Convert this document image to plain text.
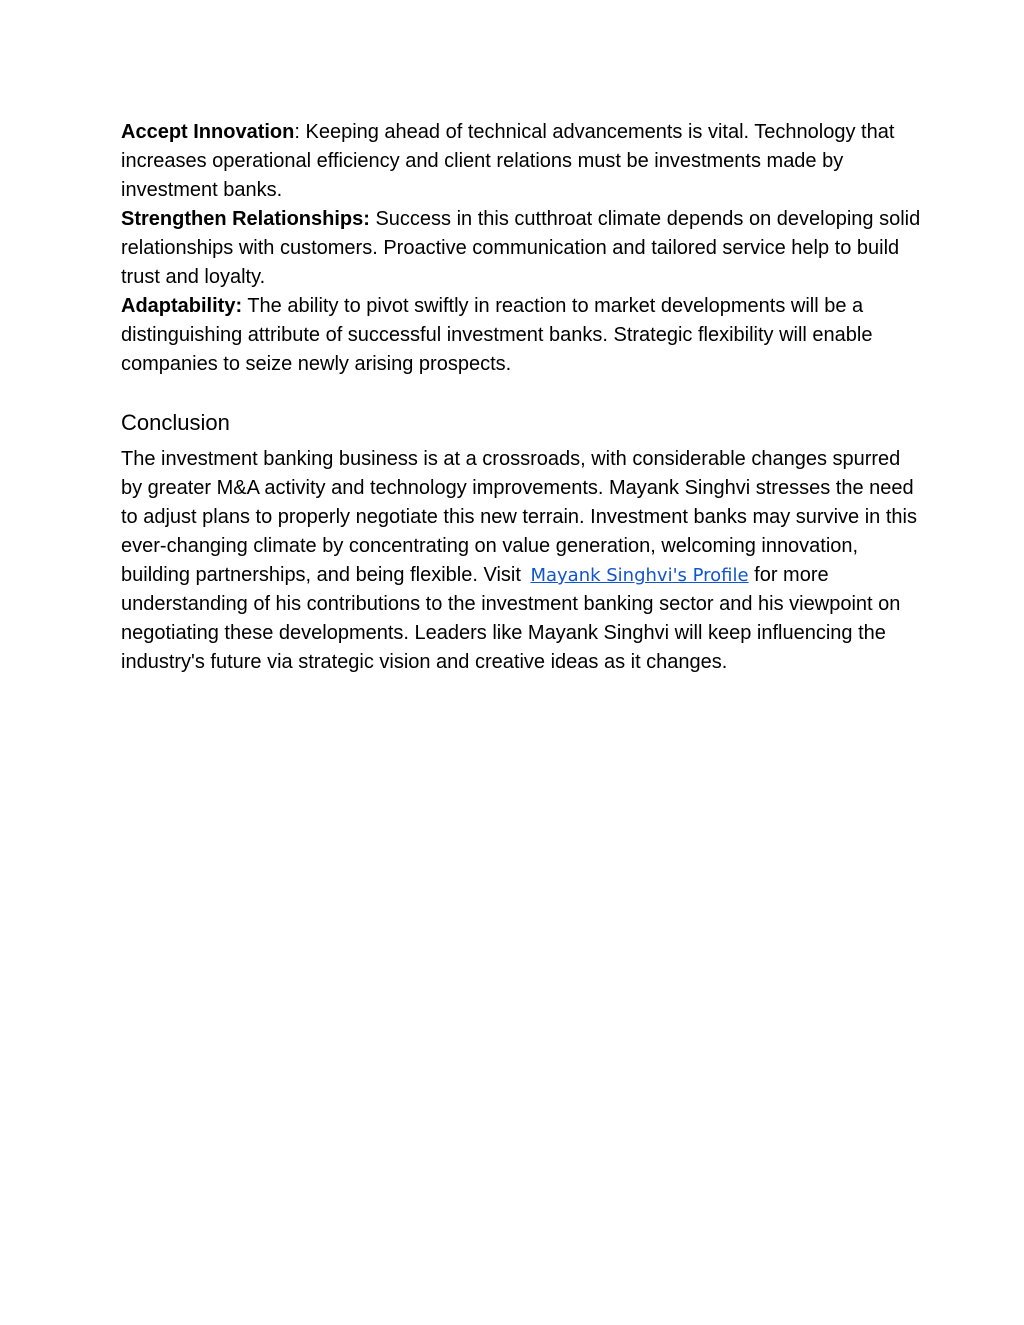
Accept Innovation: Keeping ahead of technical advancements is vital. Technology that increases operational efficiency and client relations must be investments made by investment banks.

Strengthen Relationships: Success in this cutthroat climate depends on developing solid relationships with customers. Proactive communication and tailored service help to build trust and loyalty.

Adaptability: The ability to pivot swiftly in reaction to market developments will be a distinguishing attribute of successful investment banks. Strategic flexibility will enable companies to seize newly arising prospects.

Conclusion

The investment banking business is at a crossroads, with considerable changes spurred by greater M&A activity and technology improvements. Mayank Singhvi stresses the need to adjust plans to properly negotiate this new terrain. Investment banks may survive in this ever-changing climate by concentrating on value generation, welcoming innovation, building partnerships, and being flexible. Visit Mayank Singhvi's Profile for more understanding of his contributions to the investment banking sector and his viewpoint on negotiating these developments. Leaders like Mayank Singhvi will keep influencing the industry's future via strategic vision and creative ideas as it changes.
